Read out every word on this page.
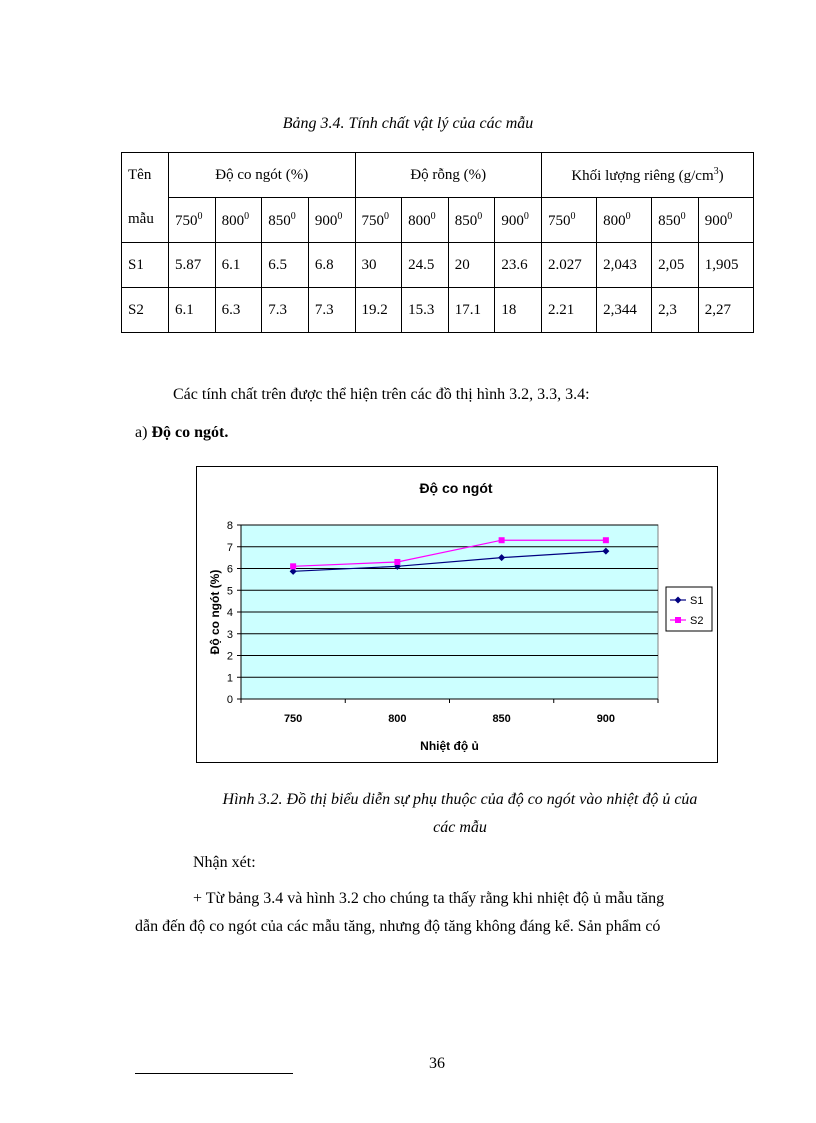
Bảng 3.4. Tính chất vật lý của các mẫu
Tên
mẫu	Độ co ngót (%)				Độ rỗng (%)				Khối lượng riêng $(g/cm^3)$			
	$750^0$	$800^0$	$850^0$	$900^0$	$750^0$	$800^0$	$850^0$	$900^0$	$750^0$	$800^0$	$850^0$	$900^0$
S1	5.87	6.1	6.5	6.8	30	24.5	20	23.6	2.027	2,043	2,05	1,905
S2	6.1	6.3	7.3	7.3	19.2	15.3	17.1	18	2.21	2,344	2,3	2,27
Các tính chất trên được thể hiện trên các đồ thị hình 3.2, 3.3, 3.4:
a) Độ co ngót.
Độ co ngót
0
1
2
3
4
5
6
7
8
750	800	850	900
Nhiệt độ ủ
Độ co ngót (%)	S1
S2
Hình 3.2. Đồ thị biểu diễn sự phụ thuộc của độ co ngót vào nhiệt độ ủ của
các mẫu
Nhận xét:
+ Từ bảng 3.4 và hình 3.2 cho chúng ta thấy rằng khi nhiệt độ ủ mẫu tăng
dẫn đến độ co ngót của các mẫu tăng, nhưng độ tăng không đáng kể. Sản phẩm có
36
